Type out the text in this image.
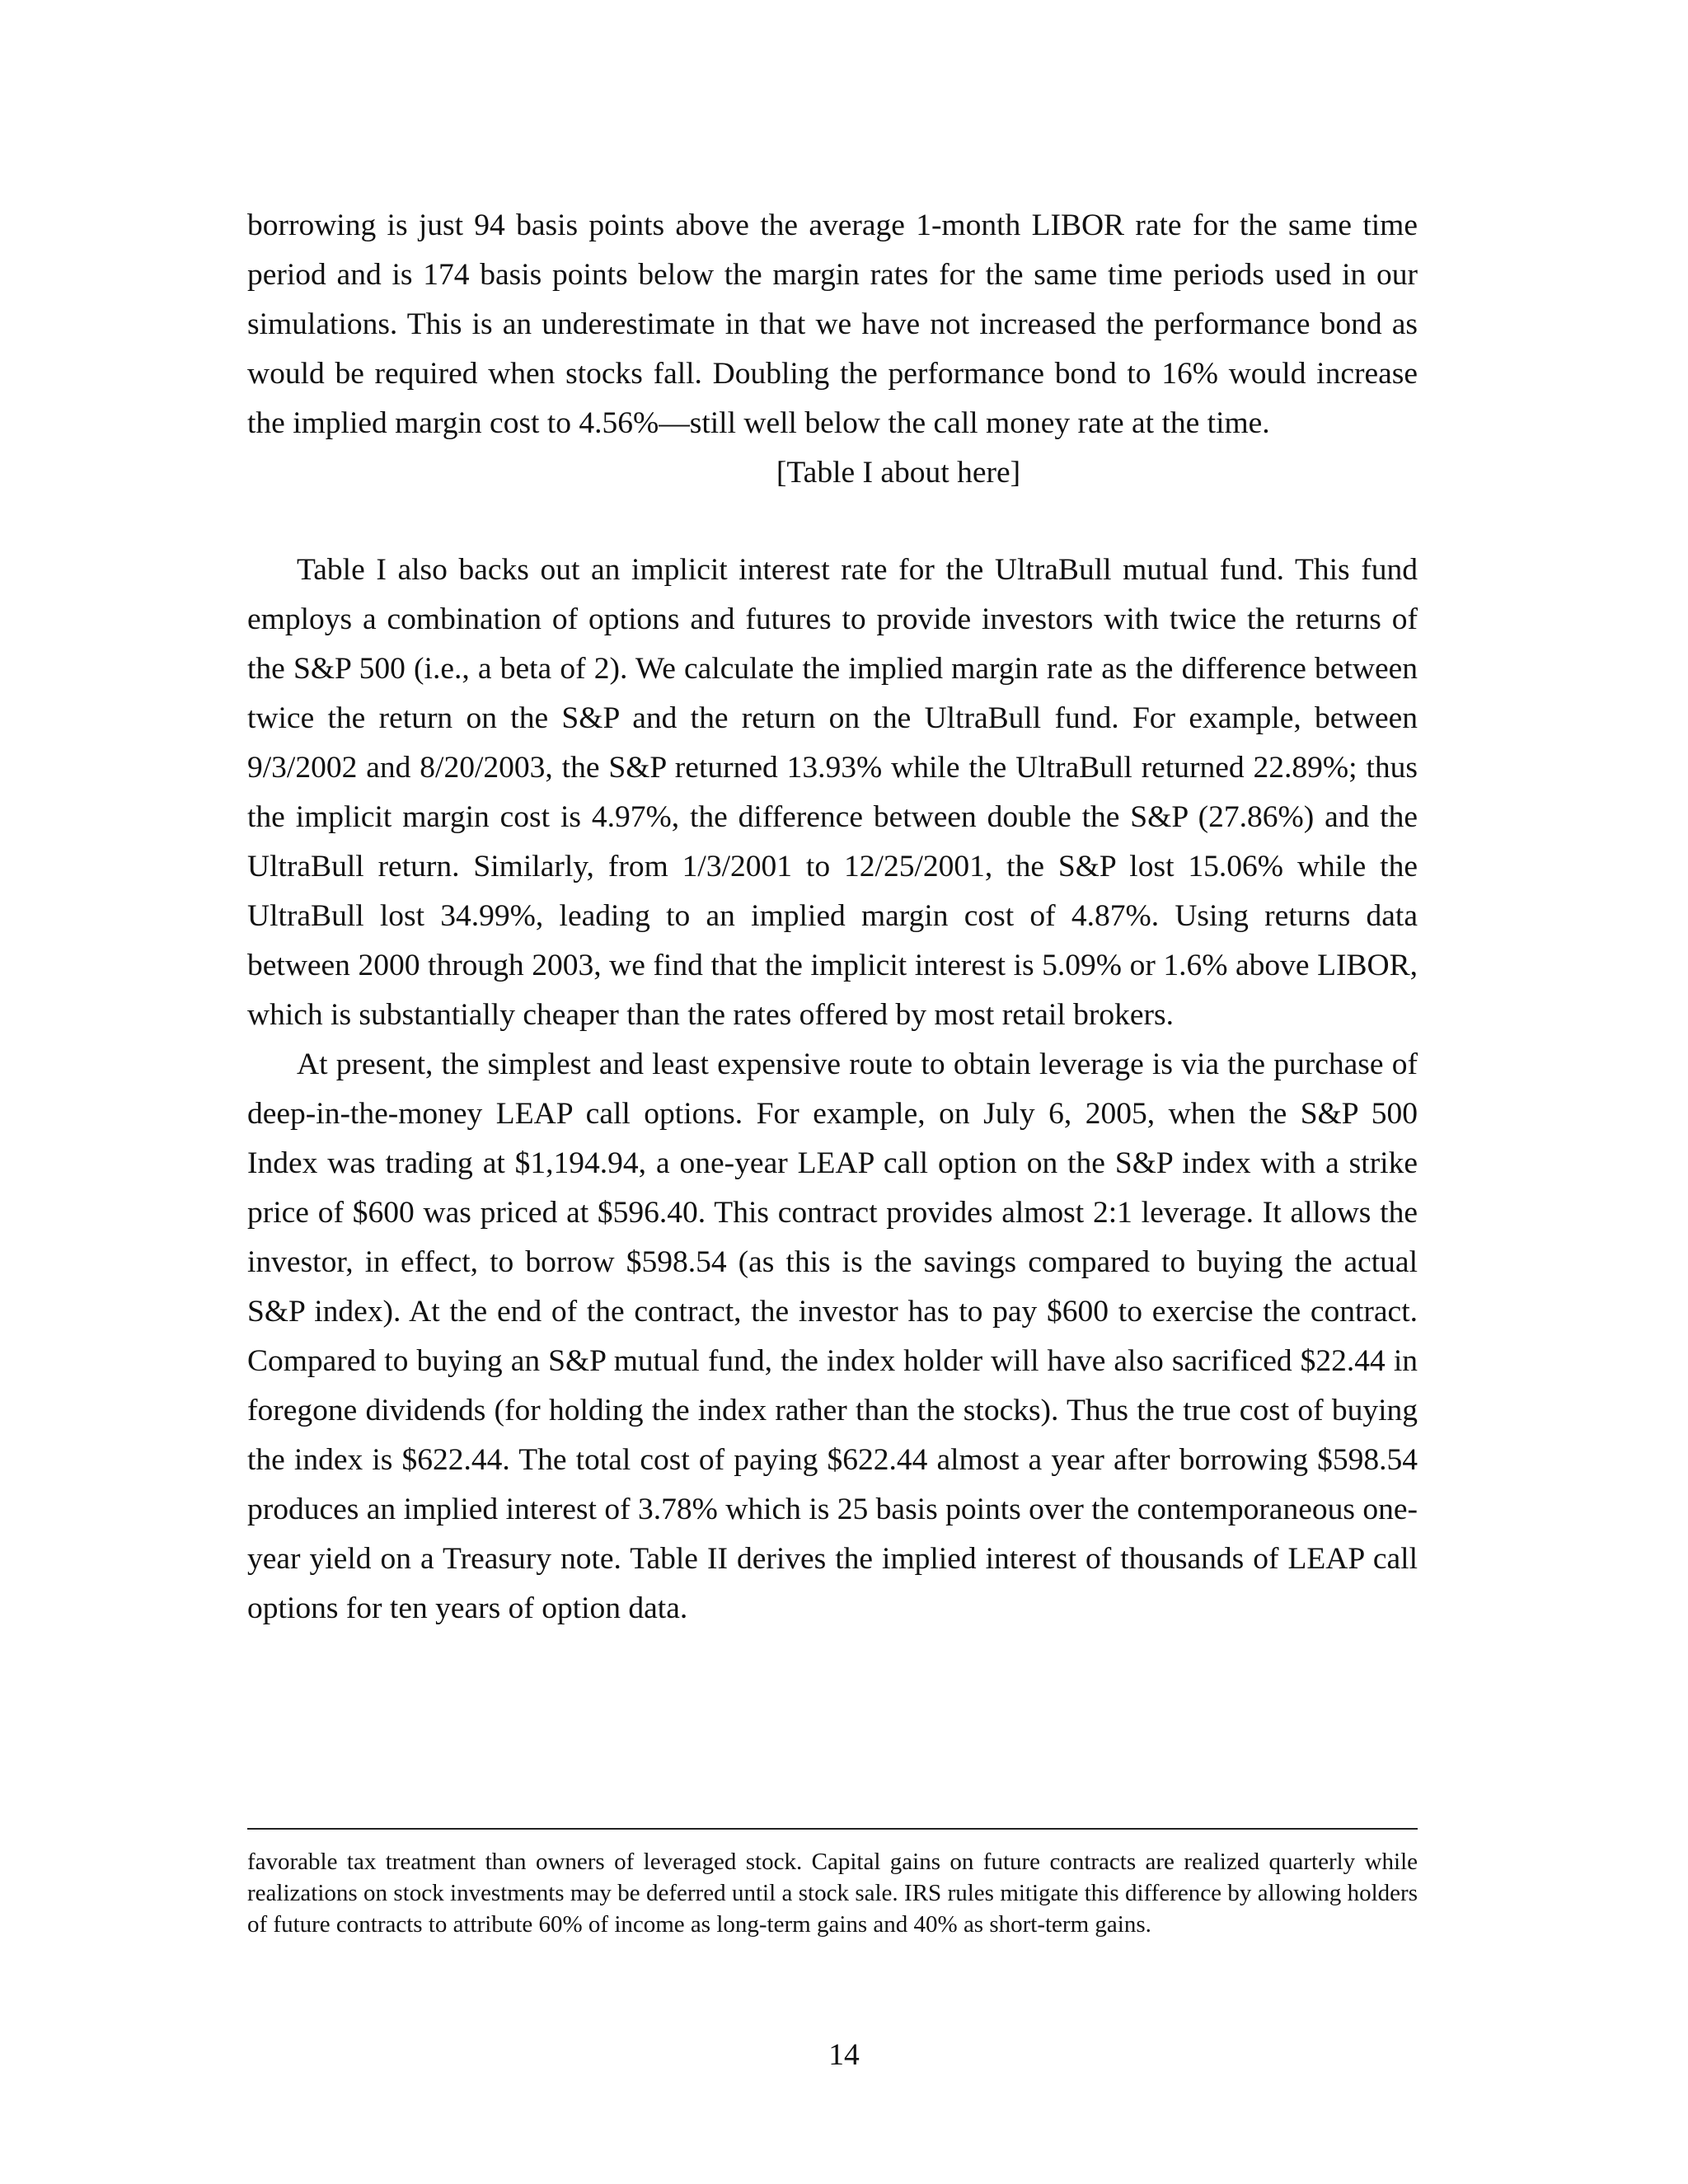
borrowing is just 94 basis points above the average 1-month LIBOR rate for the same time period and is 174 basis points below the margin rates for the same time periods used in our simulations. This is an underestimate in that we have not increased the performance bond as would be required when stocks fall. Doubling the performance bond to 16% would increase the implied margin cost to 4.56%—still well below the call money rate at the time.

[Table I about here]

Table I also backs out an implicit interest rate for the UltraBull mutual fund. This fund employs a combination of options and futures to provide investors with twice the returns of the S&P 500 (i.e., a beta of 2). We calculate the implied margin rate as the difference between twice the return on the S&P and the return on the UltraBull fund. For example, between 9/3/2002 and 8/20/2003, the S&P returned 13.93% while the UltraBull returned 22.89%; thus the implicit margin cost is 4.97%, the difference between double the S&P (27.86%) and the UltraBull return. Similarly, from 1/3/2001 to 12/25/2001, the S&P lost 15.06% while the UltraBull lost 34.99%, leading to an implied margin cost of 4.87%. Using returns data between 2000 through 2003, we find that the implicit interest is 5.09% or 1.6% above LIBOR, which is substantially cheaper than the rates offered by most retail brokers.

At present, the simplest and least expensive route to obtain leverage is via the purchase of deep-in-the-money LEAP call options. For example, on July 6, 2005, when the S&P 500 Index was trading at $1,194.94, a one-year LEAP call option on the S&P index with a strike price of $600 was priced at $596.40. This contract provides almost 2:1 leverage. It allows the investor, in effect, to borrow $598.54 (as this is the savings compared to buying the actual S&P index). At the end of the contract, the investor has to pay $600 to exercise the contract. Compared to buying an S&P mutual fund, the index holder will have also sacrificed $22.44 in foregone dividends (for holding the index rather than the stocks). Thus the true cost of buying the index is $622.44. The total cost of paying $622.44 almost a year after borrowing $598.54 produces an implied interest of 3.78% which is 25 basis points over the contemporaneous one-year yield on a Treasury note. Table II derives the implied interest of thousands of LEAP call options for ten years of option data.

favorable tax treatment than owners of leveraged stock. Capital gains on future contracts are realized quarterly while realizations on stock investments may be deferred until a stock sale. IRS rules mitigate this difference by allowing holders of future contracts to attribute 60% of income as long-term gains and 40% as short-term gains.

14
